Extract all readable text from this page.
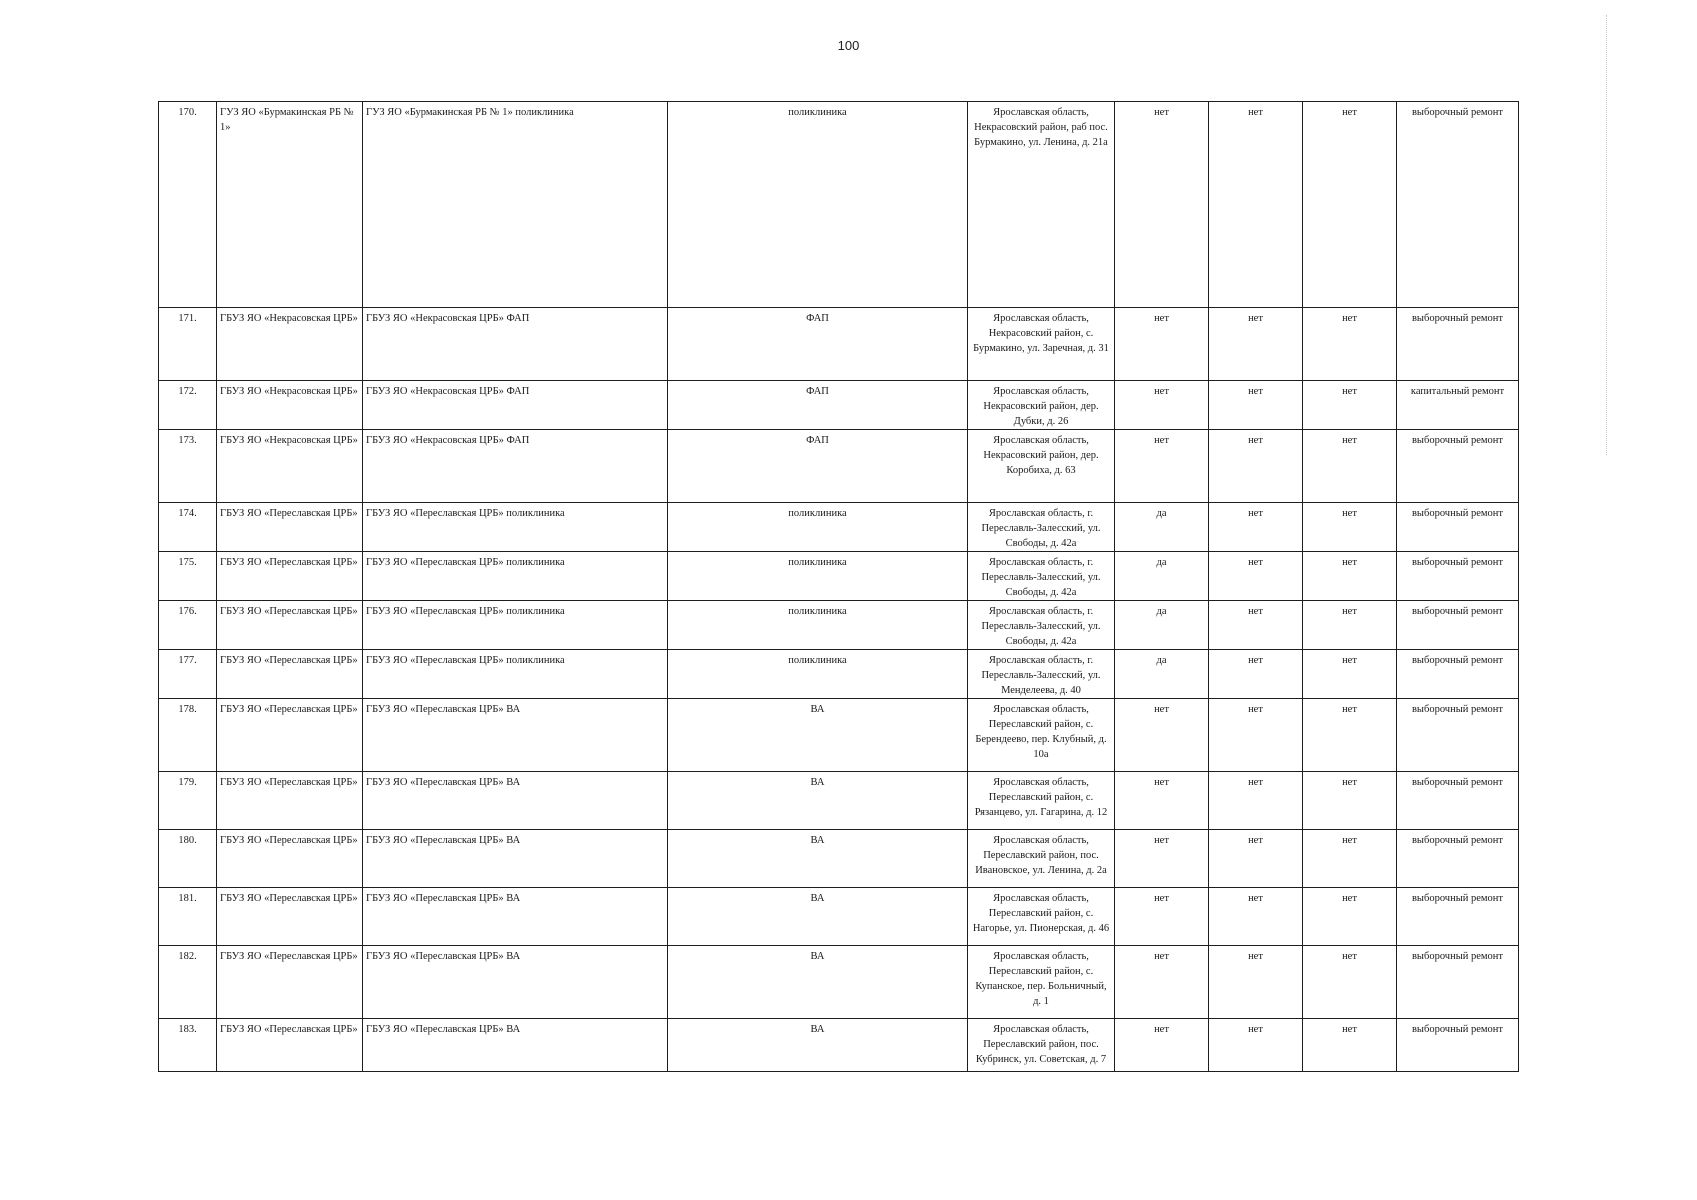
100
170.	ГУЗ ЯО «Бурмакинская РБ № 1»	ГУЗ ЯО «Бурмакинская РБ № 1» поликлиника	поликлиника	Ярославская область, Некрасовский район, раб пос. Бурмакино, ул. Ленина, д. 21а	нет	нет	нет	выборочный ремонт
171.	ГБУЗ ЯО «Некрасовская ЦРБ»	ГБУЗ ЯО «Некрасовская ЦРБ» ФАП	ФАП	Ярославская область, Некрасовский район, с. Бурмакино, ул. Заречная, д. 31	нет	нет	нет	выборочный ремонт
172.	ГБУЗ ЯО «Некрасовская ЦРБ»	ГБУЗ ЯО «Некрасовская ЦРБ» ФАП	ФАП	Ярославская область, Некрасовский район, дер. Дубки, д. 26	нет	нет	нет	капитальный ремонт
173.	ГБУЗ ЯО «Некрасовская ЦРБ»	ГБУЗ ЯО «Некрасовская ЦРБ» ФАП	ФАП	Ярославская область, Некрасовский район, дер. Коробиха, д. 63	нет	нет	нет	выборочный ремонт
174.	ГБУЗ ЯО «Переславская ЦРБ»	ГБУЗ ЯО «Переславская ЦРБ» поликлиника	поликлиника	Ярославская область, г. Переславль-Залесский, ул. Свободы, д. 42а	да	нет	нет	выборочный ремонт
175.	ГБУЗ ЯО «Переславская ЦРБ»	ГБУЗ ЯО «Переславская ЦРБ» поликлиника	поликлиника	Ярославская область, г. Переславль-Залесский, ул. Свободы, д. 42а	да	нет	нет	выборочный ремонт
176.	ГБУЗ ЯО «Переславская ЦРБ»	ГБУЗ ЯО «Переславская ЦРБ» поликлиника	поликлиника	Ярославская область, г. Переславль-Залесский, ул. Свободы, д. 42а	да	нет	нет	выборочный ремонт
177.	ГБУЗ ЯО «Переславская ЦРБ»	ГБУЗ ЯО «Переславская ЦРБ» поликлиника	поликлиника	Ярославская область, г. Переславль-Залесский, ул. Менделеева, д. 40	да	нет	нет	выборочный ремонт
178.	ГБУЗ ЯО «Переславская ЦРБ»	ГБУЗ ЯО «Переславская ЦРБ» ВА	ВА	Ярославская область, Переславский район, с. Берендеево, пер. Клубный, д. 10а	нет	нет	нет	выборочный ремонт
179.	ГБУЗ ЯО «Переславская ЦРБ»	ГБУЗ ЯО «Переславская ЦРБ» ВА	ВА	Ярославская область, Переславский район, с. Рязанцево, ул. Гагарина, д. 12	нет	нет	нет	выборочный ремонт
180.	ГБУЗ ЯО «Переславская ЦРБ»	ГБУЗ ЯО «Переславская ЦРБ» ВА	ВА	Ярославская область, Переславский район, пос. Ивановское, ул. Ленина, д. 2а	нет	нет	нет	выборочный ремонт
181.	ГБУЗ ЯО «Переславская ЦРБ»	ГБУЗ ЯО «Переславская ЦРБ» ВА	ВА	Ярославская область, Переславский район, с. Нагорье, ул. Пионерская, д. 46	нет	нет	нет	выборочный ремонт
182.	ГБУЗ ЯО «Переславская ЦРБ»	ГБУЗ ЯО «Переславская ЦРБ» ВА	ВА	Ярославская область, Переславский район, с. Купанское, пер. Больничный, д. 1	нет	нет	нет	выборочный ремонт
183.	ГБУЗ ЯО «Переславская ЦРБ»	ГБУЗ ЯО «Переславская ЦРБ» ВА	ВА	Ярославская область, Переславский район, пос. Кубринск, ул. Советская, д. 7	нет	нет	нет	выборочный ремонт
